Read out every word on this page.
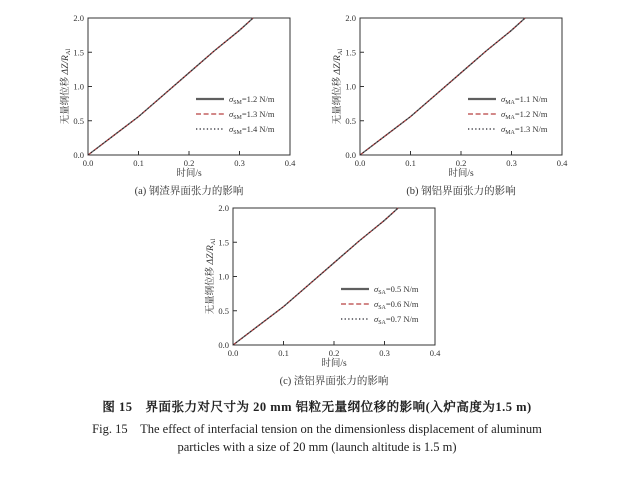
0.0	0.1	0.2	0.3	0.4
0.0
0.5
1.0
1.5
2.0
无量纲位移 $\Delta Z/R_{Al}$
时间/s
(a) 钢渣界面张力的影响
$\sigma_{SM}=1.2$ N/m
$\sigma_{SM}=1.3$ N/m
$\sigma_{SM}=1.4$ N/m
0.0	0.1	0.2	0.3	0.4
0.0
0.5
1.0
1.5
2.0
无量纲位移 $\Delta Z/R_{Al}$
时间/s
(b) 钢铝界面张力的影响
$\sigma_{MA}=1.1$ N/m
$\sigma_{MA}=1.2$ N/m
$\sigma_{MA}=1.3$ N/m
0.0	0.1	0.2	0.3	0.4
0.0
0.5
1.0
1.5
2.0
无量纲位移 $\Delta Z/R_{Al}$
时间/s
(c) 渣铝界面张力的影响
$\sigma_{SA}=0.5$ N/m
$\sigma_{SA}=0.6$ N/m
$\sigma_{SA}=0.7$ N/m
图 15　界面张力对尺寸为 20 mm 铝粒无量纲位移的影响(入炉高度为1.5 m)
Fig. 15　The effect of interfacial tension on the dimensionless displacement of aluminum
particles with a size of 20 mm (launch altitude is 1.5 m)
